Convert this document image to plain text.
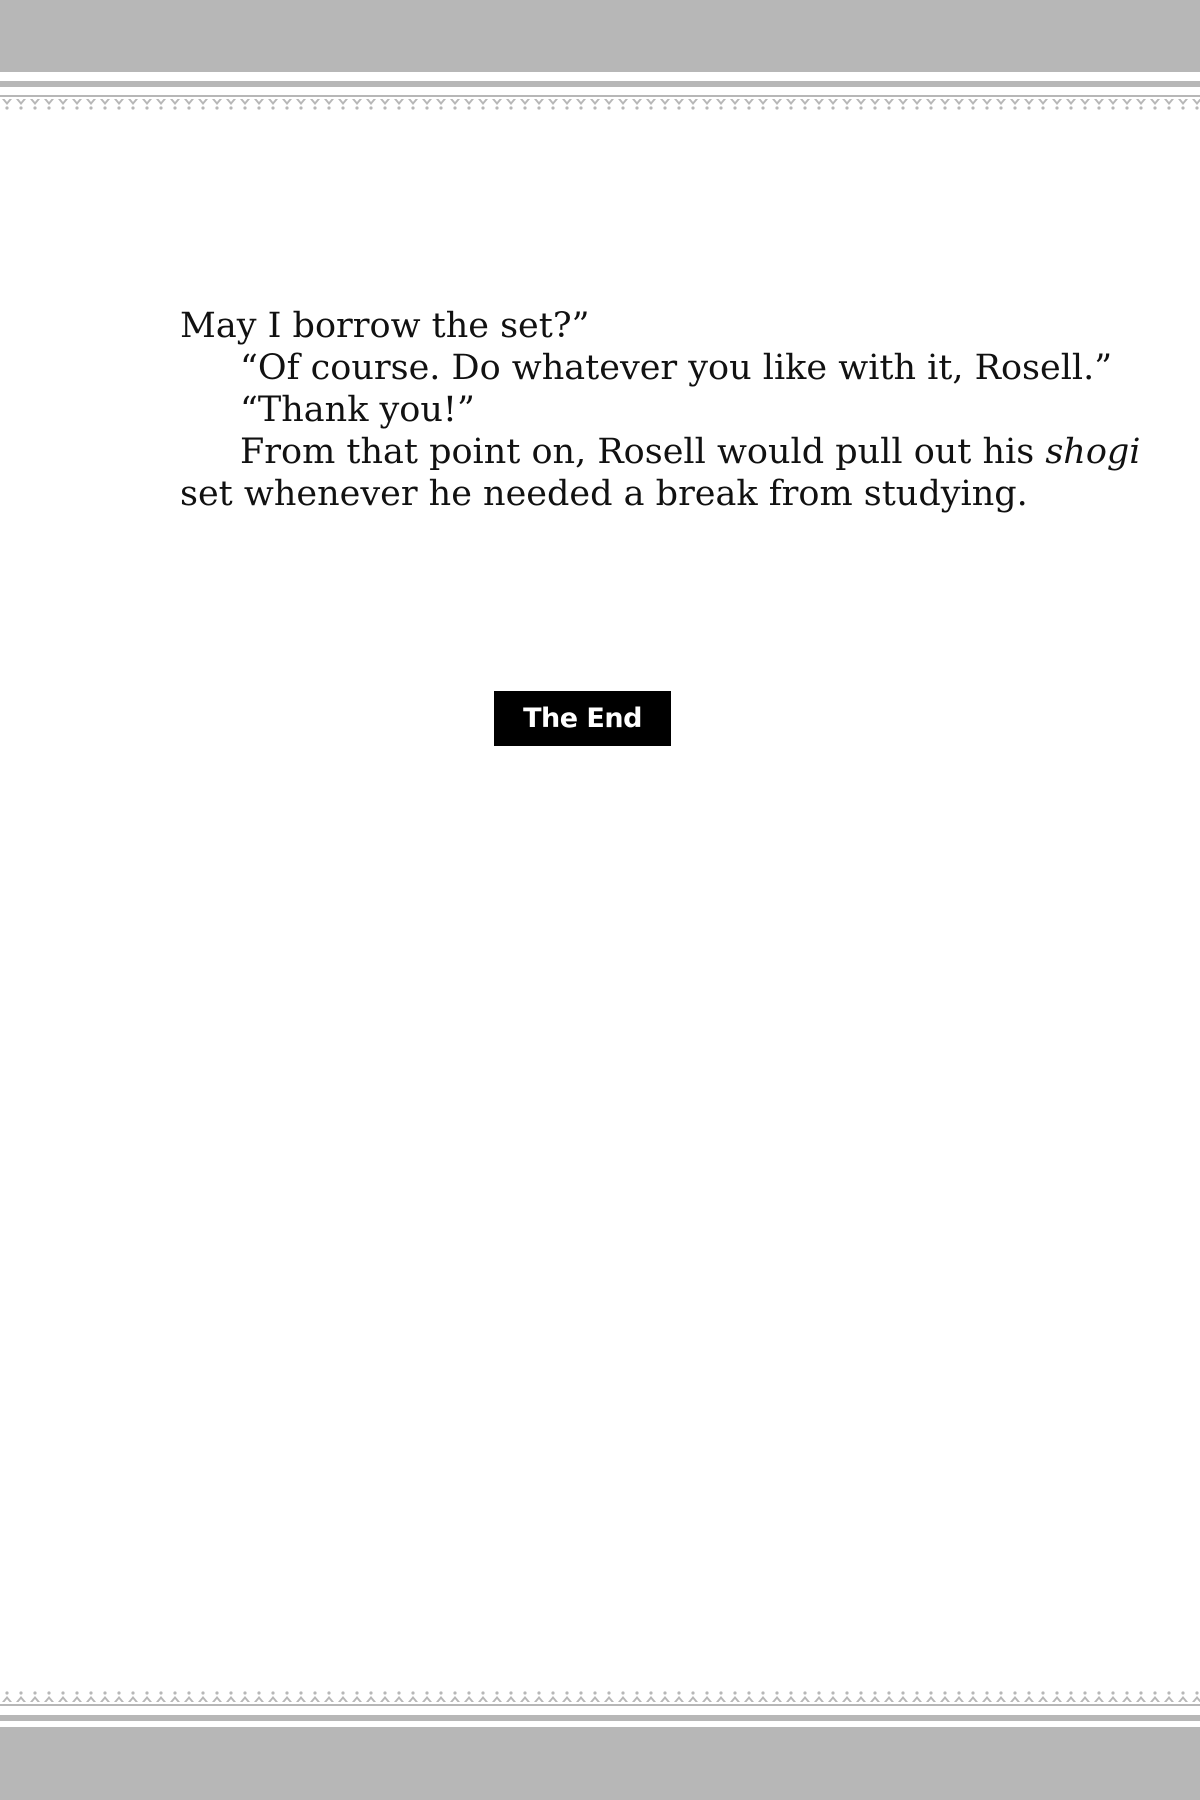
May I borrow the set?”

“Of course. Do whatever you like with it, Rosell.”

“Thank you!”

From that point on, Rosell would pull out his shogi

set whenever he needed a break from studying.

The End
